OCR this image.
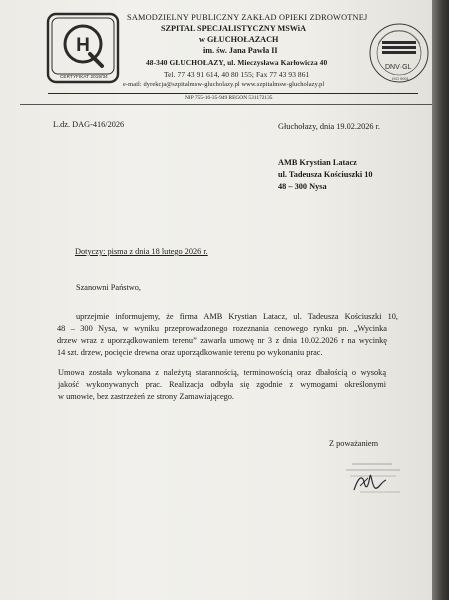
H
CERTYFIKAT 2019/34
DNV·GL
ISO 9001
SAMODZIELNY PUBLICZNY ZAKŁAD OPIEKI ZDROWOTNEJ
SZPITAL SPECJALISTYCZNY MSWiA
w GŁUCHOŁAZACH
im. św. Jana Pawła II
48-340 GŁUCHOŁAZY, ul. Mieczysława Karłowicza 40
Tel. 77 43 91 614, 40 80 155; Fax 77 43 93 861
e-mail: dyrekcja@szpitalmsw-glucholazy.pl www.szpitalmsw-glucholazy.pl
NIP 755-16-35-949 REGON 531172135
L.dz. DAG-416/2026	Głuchołazy, dnia 19.02.2026 r.
AMB Krystian Latacz
ul. Tadeusza Kościuszki 10
48 – 300 Nysa
Dotyczy: pisma z dnia 18 lutego 2026 r.
Szanowni Państwo,
uprzejmie informujemy, że firma AMB Krystian Latacz, ul. Tadeusza Kościuszki 10,
48 – 300 Nysa, w wyniku przeprowadzonego rozeznania cenowego rynku pn. „Wycinka
drzew wraz z uporządkowaniem terenu” zawarła umowę nr 3 z dnia 10.02.2026 r na wycinkę
14 szt. drzew, pocięcie drewna oraz uporządkowanie terenu po wykonaniu prac.
Umowa została wykonana z należytą starannością, terminowością oraz dbałością o wysoką
jakość wykonywanych prac. Realizacja odbyła się zgodnie z wymogami określonymi
w umowie, bez zastrzeżeń ze strony Zamawiającego.
Z poważaniem
